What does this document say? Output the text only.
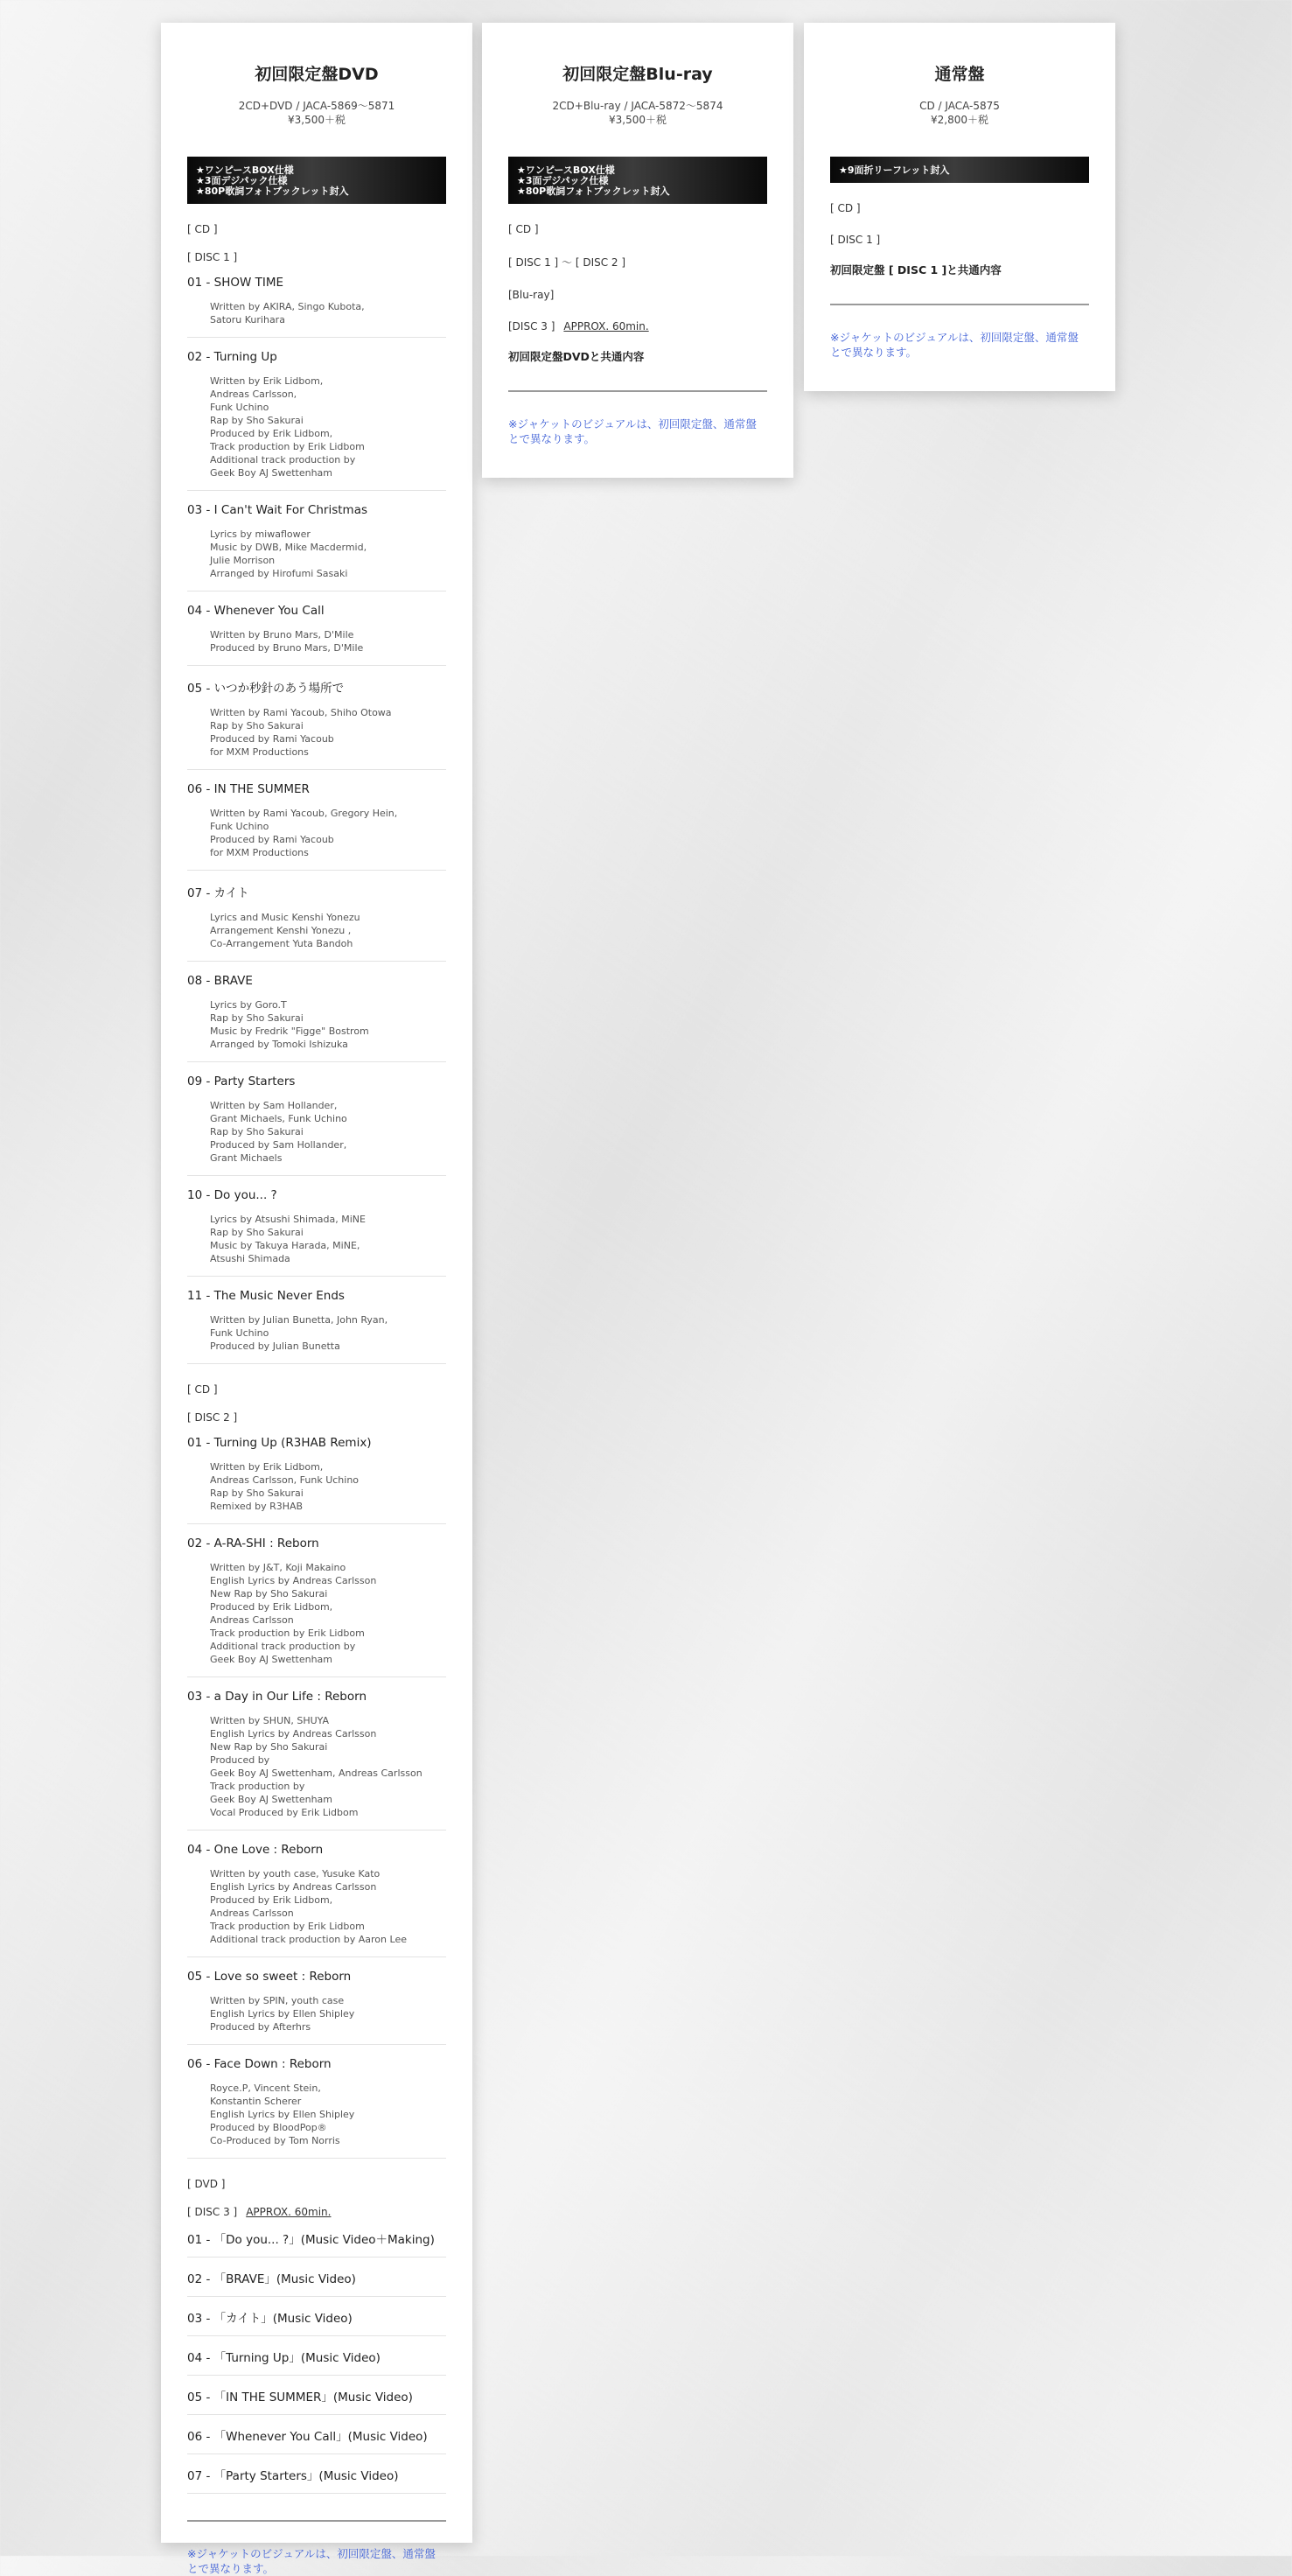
初回限定盤DVD
2CD+DVD / JACA-5869～5871
¥3,500＋税
★ワンピースBOX仕様
★3面デジパック仕様
★80P歌詞フォトブックレット封入
[ CD ]
[ DISC 1 ]
01 - SHOW TIME
Written by AKIRA, Singo Kubota,
Satoru Kurihara
02 - Turning Up
Written by Erik Lidbom,
Andreas Carlsson,
Funk Uchino
Rap by Sho Sakurai
Produced by Erik Lidbom,
Track production by Erik Lidbom
Additional track production by
Geek Boy AJ Swettenham
03 - I Can't Wait For Christmas
Lyrics by miwaflower
Music by DWB, Mike Macdermid,
Julie Morrison
Arranged by Hirofumi Sasaki
04 - Whenever You Call
Written by Bruno Mars, D'Mile
Produced by Bruno Mars, D'Mile
05 - いつか秒針のあう場所で
Written by Rami Yacoub, Shiho Otowa
Rap by Sho Sakurai
Produced by Rami Yacoub
for MXM Productions
06 - IN THE SUMMER
Written by Rami Yacoub, Gregory Hein,
Funk Uchino
Produced by Rami Yacoub
for MXM Productions
07 - カイト
Lyrics and Music Kenshi Yonezu
Arrangement Kenshi Yonezu ,
Co-Arrangement Yuta Bandoh
08 - BRAVE
Lyrics by Goro.T
Rap by Sho Sakurai
Music by Fredrik "Figge" Bostrom
Arranged by Tomoki Ishizuka
09 - Party Starters
Written by Sam Hollander,
Grant Michaels, Funk Uchino
Rap by Sho Sakurai
Produced by Sam Hollander,
Grant Michaels
10 - Do you... ?
Lyrics by Atsushi Shimada, MiNE
Rap by Sho Sakurai
Music by Takuya Harada, MiNE,
Atsushi Shimada
11 - The Music Never Ends
Written by Julian Bunetta, John Ryan,
Funk Uchino
Produced by Julian Bunetta
[ CD ]
[ DISC 2 ]
01 - Turning Up (R3HAB Remix)
Written by Erik Lidbom,
Andreas Carlsson, Funk Uchino
Rap by Sho Sakurai
Remixed by R3HAB
02 - A-RA-SHI : Reborn
Written by J&T, Koji Makaino
English Lyrics by Andreas Carlsson
New Rap by Sho Sakurai
Produced by Erik Lidbom,
Andreas Carlsson
Track production by Erik Lidbom
Additional track production by
Geek Boy AJ Swettenham
03 - a Day in Our Life : Reborn
Written by SHUN, SHUYA
English Lyrics by Andreas Carlsson
New Rap by Sho Sakurai
Produced by
Geek Boy AJ Swettenham, Andreas Carlsson
Track production by
Geek Boy AJ Swettenham
Vocal Produced by Erik Lidbom
04 - One Love : Reborn
Written by youth case, Yusuke Kato
English Lyrics by Andreas Carlsson
Produced by Erik Lidbom,
Andreas Carlsson
Track production by Erik Lidbom
Additional track production by Aaron Lee
05 - Love so sweet : Reborn
Written by SPIN, youth case
English Lyrics by Ellen Shipley
Produced by Afterhrs
06 - Face Down : Reborn
Royce.P, Vincent Stein,
Konstantin Scherer
English Lyrics by Ellen Shipley
Produced by BloodPop®
Co-Produced by Tom Norris
[ DVD ]
[ DISC 3 ] APPROX. 60min.
01 - 「Do you... ?」(Music Video＋Making)
02 - 「BRAVE」(Music Video)
03 - 「カイト」(Music Video)
04 - 「Turning Up」(Music Video)
05 - 「IN THE SUMMER」(Music Video)
06 - 「Whenever You Call」(Music Video)
07 - 「Party Starters」(Music Video)
※ジャケットのビジュアルは、初回限定盤、通常盤とで異なります。
初回限定盤Blu-ray
2CD+Blu-ray / JACA-5872～5874
¥3,500＋税
★ワンピースBOX仕様
★3面デジパック仕様
★80P歌詞フォトブックレット封入
[ CD ]
[ DISC 1 ] ～ [ DISC 2 ]
[Blu-ray]
[DISC 3 ] APPROX. 60min.
初回限定盤DVDと共通内容
※ジャケットのビジュアルは、初回限定盤、通常盤とで異なります。
通常盤
CD / JACA-5875
¥2,800＋税
★9面折リーフレット封入
[ CD ]
[ DISC 1 ]
初回限定盤 [ DISC 1 ]と共通内容
※ジャケットのビジュアルは、初回限定盤、通常盤とで異なります。
